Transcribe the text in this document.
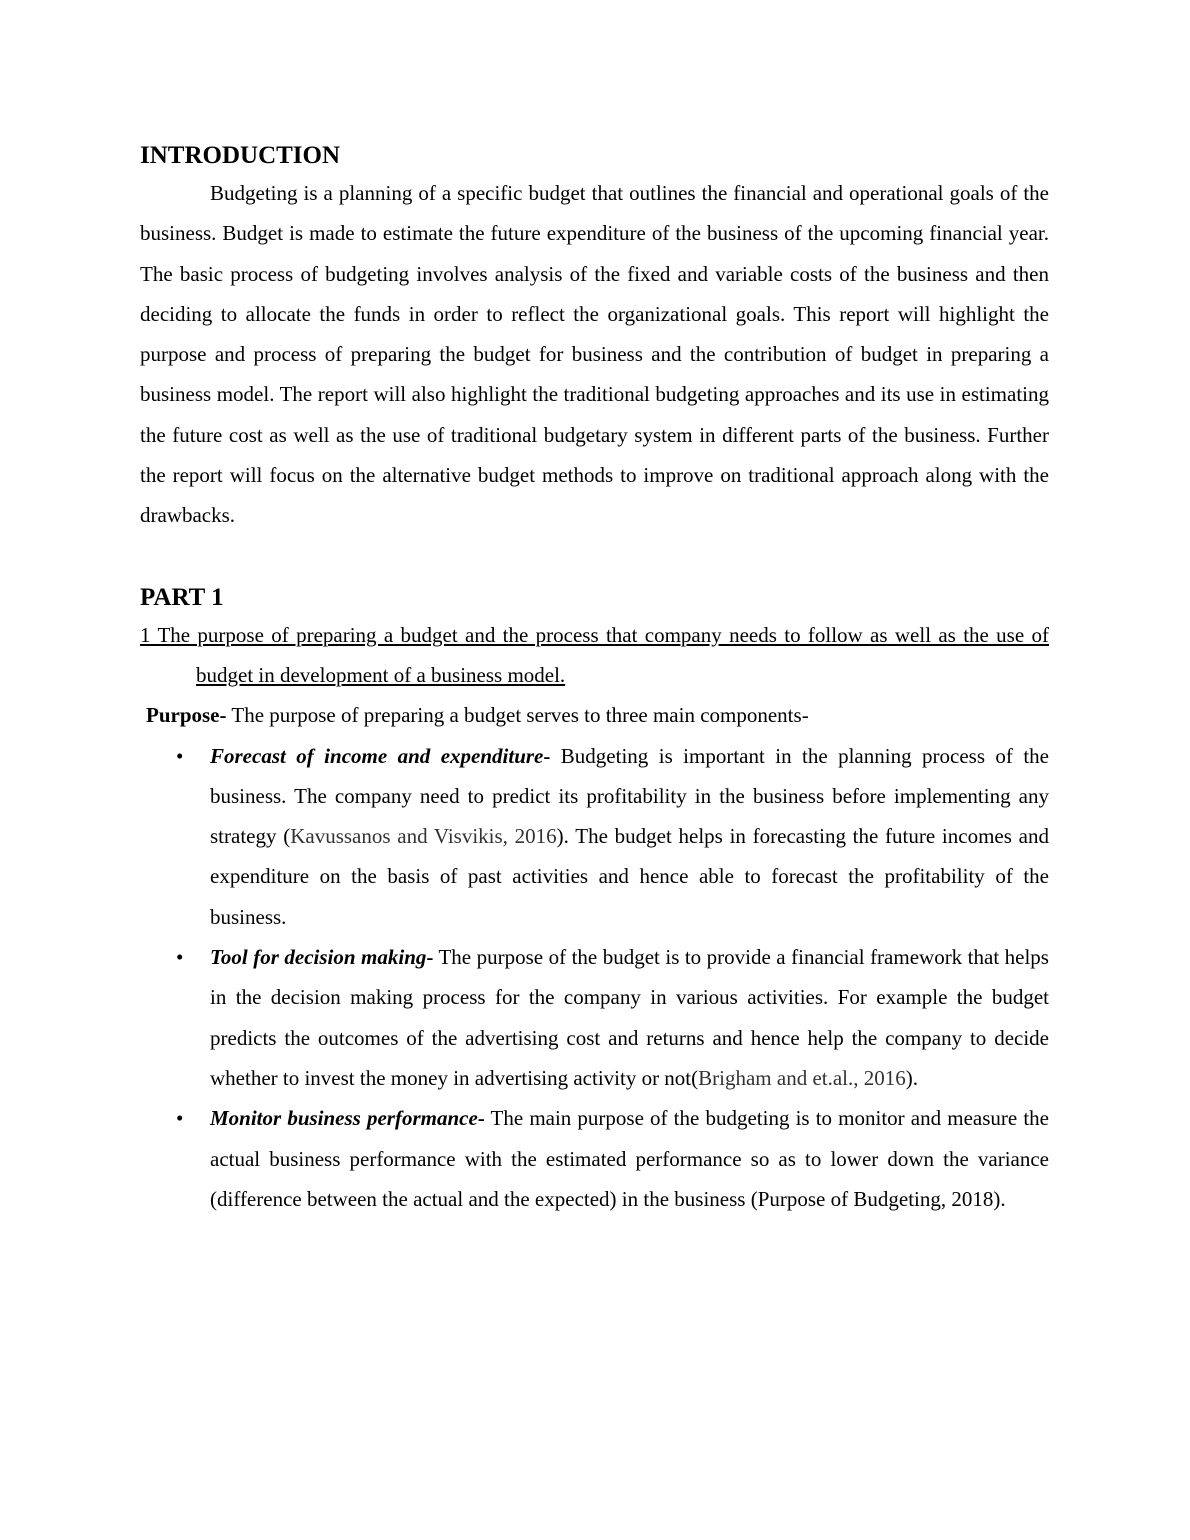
INTRODUCTION

Budgeting is a planning of a specific budget that outlines the financial and operational goals of the business. Budget is made to estimate the future expenditure of the business of the upcoming financial year. The basic process of budgeting involves analysis of the fixed and variable costs of the business and then deciding to allocate the funds in order to reflect the organizational goals. This report will highlight the purpose and process of preparing the budget for business and the contribution of budget in preparing a business model. The report will also highlight the traditional budgeting approaches and its use in estimating the future cost as well as the use of traditional budgetary system in different parts of the business. Further the report will focus on the alternative budget methods to improve on traditional approach along with the drawbacks.

PART 1

1 The purpose of preparing a budget and the process that company needs to follow as well as the use of budget in development of a business model.

Purpose- The purpose of preparing a budget serves to three main components-

• Forecast of income and expenditure- Budgeting is important in the planning process of the business. The company need to predict its profitability in the business before implementing any strategy (Kavussanos and Visvikis, 2016). The budget helps in forecasting the future incomes and expenditure on the basis of past activities and hence able to forecast the profitability of the business.
• Tool for decision making- The purpose of the budget is to provide a financial framework that helps in the decision making process for the company in various activities. For example the budget predicts the outcomes of the advertising cost and returns and hence help the company to decide whether to invest the money in advertising activity or not(Brigham and et.al., 2016).
• Monitor business performance- The main purpose of the budgeting is to monitor and measure the actual business performance with the estimated performance so as to lower down the variance (difference between the actual and the expected) in the business (Purpose of Budgeting, 2018).
